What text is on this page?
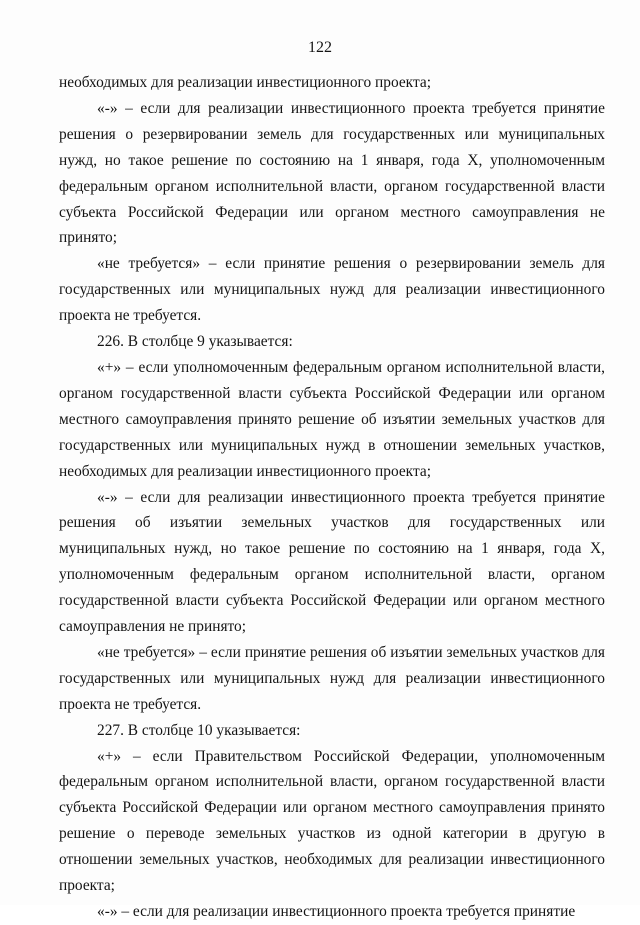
122

необходимых для реализации инвестиционного проекта;

«-» – если для реализации инвестиционного проекта требуется принятие решения о резервировании земель для государственных или муниципальных нужд, но такое решение по состоянию на 1 января, года X, уполномоченным федеральным органом исполнительной власти, органом государственной власти субъекта Российской Федерации или органом местного самоуправления не принято;

«не требуется» – если принятие решения о резервировании земель для государственных или муниципальных нужд для реализации инвестиционного проекта не требуется.

226. В столбце 9 указывается:

«+» – если уполномоченным федеральным органом исполнительной власти, органом государственной власти субъекта Российской Федерации или органом местного самоуправления принято решение об изъятии земельных участков для государственных или муниципальных нужд в отношении земельных участков, необходимых для реализации инвестиционного проекта;

«-» – если для реализации инвестиционного проекта требуется принятие решения об изъятии земельных участков для государственных или муниципальных нужд, но такое решение по состоянию на 1 января, года X, уполномоченным федеральным органом исполнительной власти, органом государственной власти субъекта Российской Федерации или органом местного самоуправления не принято;

«не требуется» – если принятие решения об изъятии земельных участков для государственных или муниципальных нужд для реализации инвестиционного проекта не требуется.

227. В столбце 10 указывается:

«+» – если Правительством Российской Федерации, уполномоченным федеральным органом исполнительной власти, органом государственной власти субъекта Российской Федерации или органом местного самоуправления принято решение о переводе земельных участков из одной категории в другую в отношении земельных участков, необходимых для реализации инвестиционного проекта;

«-» – если для реализации инвестиционного проекта требуется принятие
